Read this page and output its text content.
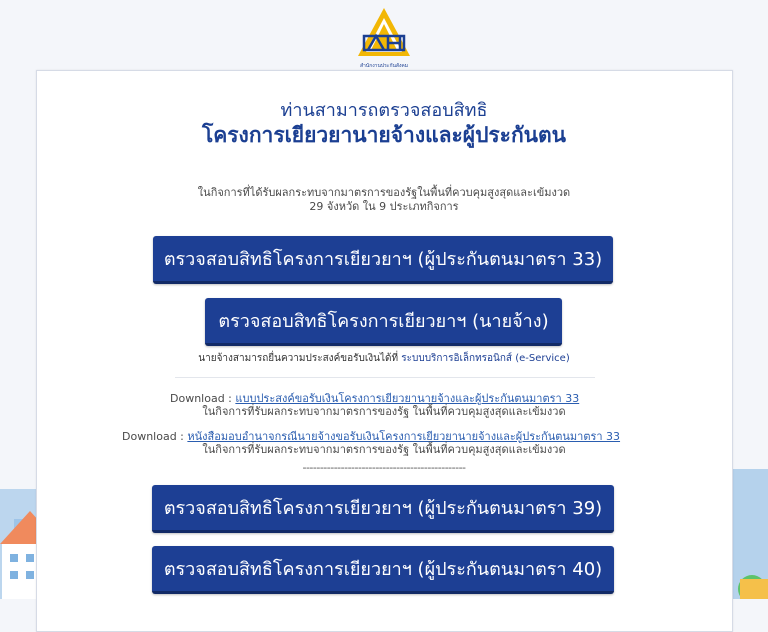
สำนักงานประกันสังคม
ท่านสามารถตรวจสอบสิทธิ
โครงการเยียวยานายจ้างและผู้ประกันตน
ในกิจการที่ได้รับผลกระทบจากมาตรการของรัฐในพื้นที่ควบคุมสูงสุดและเข้มงวด
29 จังหวัด ใน 9 ประเภทกิจการ
ตรวจสอบสิทธิโครงการเยียวยาฯ (ผู้ประกันตนมาตรา 33)
ตรวจสอบสิทธิโครงการเยียวยาฯ (นายจ้าง)
นายจ้างสามารถยื่นความประสงค์ขอรับเงินได้ที่ ระบบบริการอิเล็กทรอนิกส์ (e-Service)
Download : แบบประสงค์ขอรับเงินโครงการเยียวยานายจ้างและผู้ประกันตนมาตรา 33
ในกิจการที่รับผลกระทบจากมาตรการของรัฐ ในพื้นที่ควบคุมสูงสุดและเข้มงวด
Download : หนังสือมอบอำนาจกรณีนายจ้างขอรับเงินโครงการเยียวยานายจ้างและผู้ประกันตนมาตรา 33
ในกิจการที่รับผลกระทบจากมาตรการของรัฐ ในพื้นที่ควบคุมสูงสุดและเข้มงวด
-----------------------------------------------
ตรวจสอบสิทธิโครงการเยียวยาฯ (ผู้ประกันตนมาตรา 39)
ตรวจสอบสิทธิโครงการเยียวยาฯ (ผู้ประกันตนมาตรา 40)
